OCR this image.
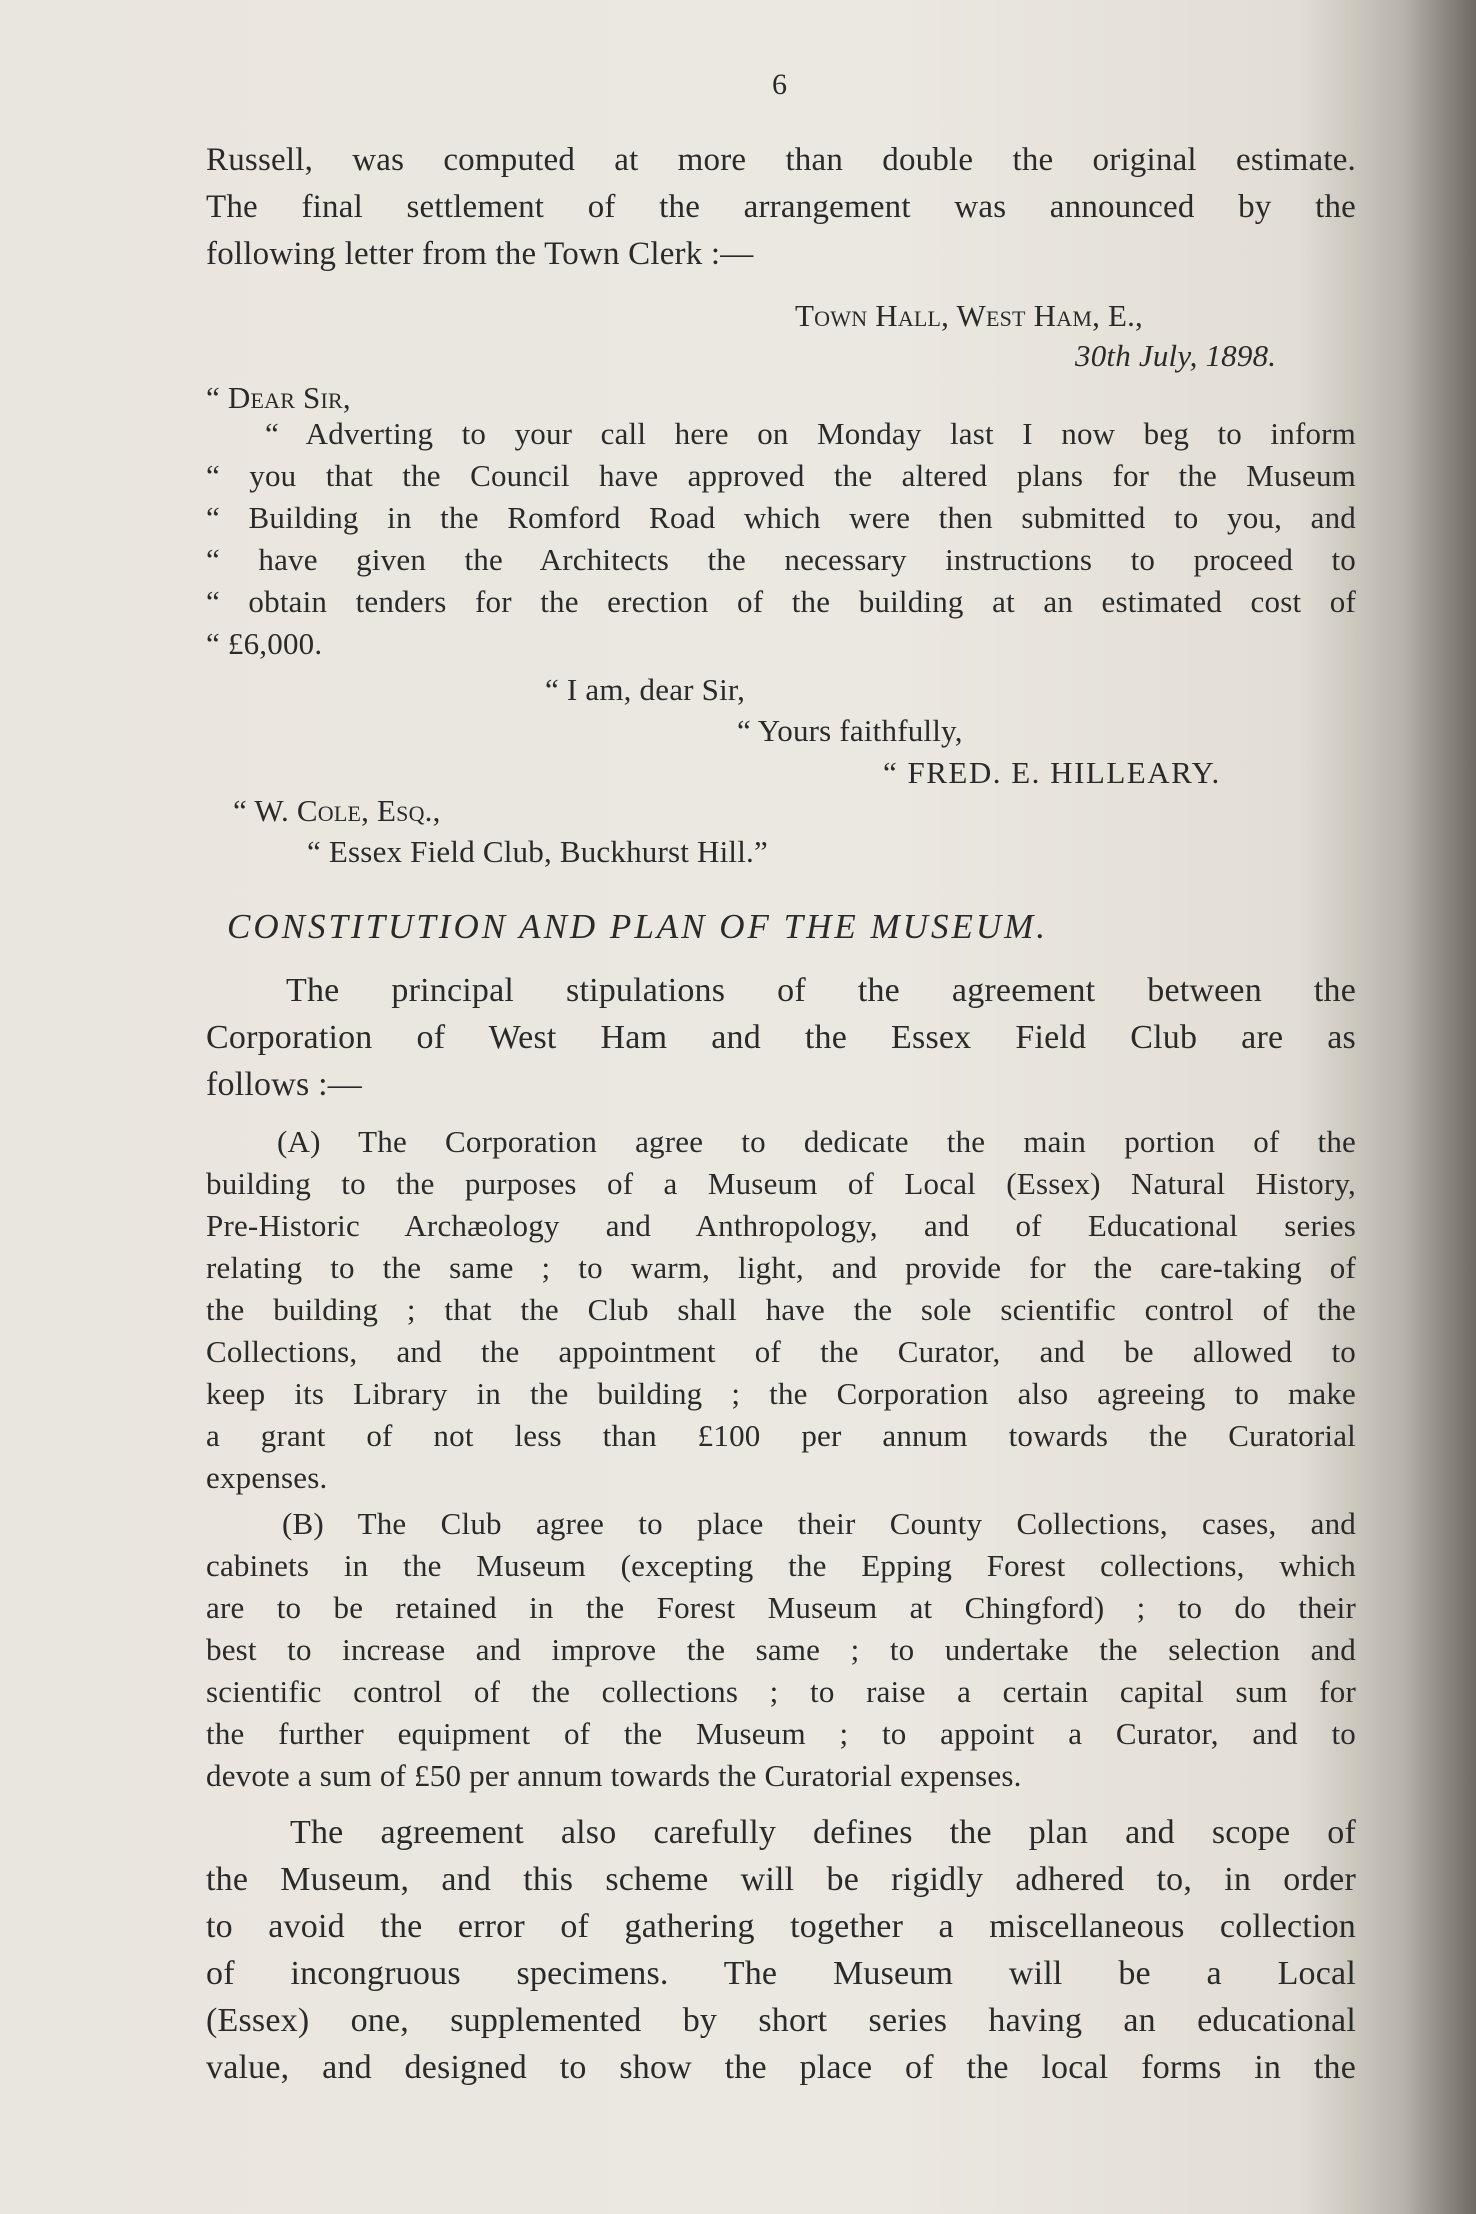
6
Russell, was computed at more than double the original estimate.
The final settlement of the arrangement was announced by the
following letter from the Town Clerk :—
Town Hall, West Ham, E.,
30th July, 1898.
“ Dear Sir,
“ Adverting to your call here on Monday last I now beg to inform
“ you that the Council have approved the altered plans for the Museum
“ Building in the Romford Road which were then submitted to you, and
“ have given the Architects the necessary instructions to proceed to
“ obtain tenders for the erection of the building at an estimated cost of
“ £6,000.
“ I am, dear Sir,
“ Yours faithfully,
“ FRED. E. HILLEARY.
“ W. Cole, Esq.,
“ Essex Field Club, Buckhurst Hill.”
CONSTITUTION AND PLAN OF THE MUSEUM.
The principal stipulations of the agreement between the
Corporation of West Ham and the Essex Field Club are as
follows :—
(A) The Corporation agree to dedicate the main portion of the
building to the purposes of a Museum of Local (Essex) Natural History,
Pre-Historic Archæology and Anthropology, and of Educational series
relating to the same ; to warm, light, and provide for the care-taking of
the building ; that the Club shall have the sole scientific control of the
Collections, and the appointment of the Curator, and be allowed to
keep its Library in the building ; the Corporation also agreeing to make
a grant of not less than £100 per annum towards the Curatorial
expenses.
(B) The Club agree to place their County Collections, cases, and
cabinets in the Museum (excepting the Epping Forest collections, which
are to be retained in the Forest Museum at Chingford) ; to do their
best to increase and improve the same ; to undertake the selection and
scientific control of the collections ; to raise a certain capital sum for
the further equipment of the Museum ; to appoint a Curator, and to
devote a sum of £50 per annum towards the Curatorial expenses.
The agreement also carefully defines the plan and scope of
the Museum, and this scheme will be rigidly adhered to, in order
to avoid the error of gathering together a miscellaneous collection
of incongruous specimens. The Museum will be a Local
(Essex) one, supplemented by short series having an educational
value, and designed to show the place of the local forms in the
